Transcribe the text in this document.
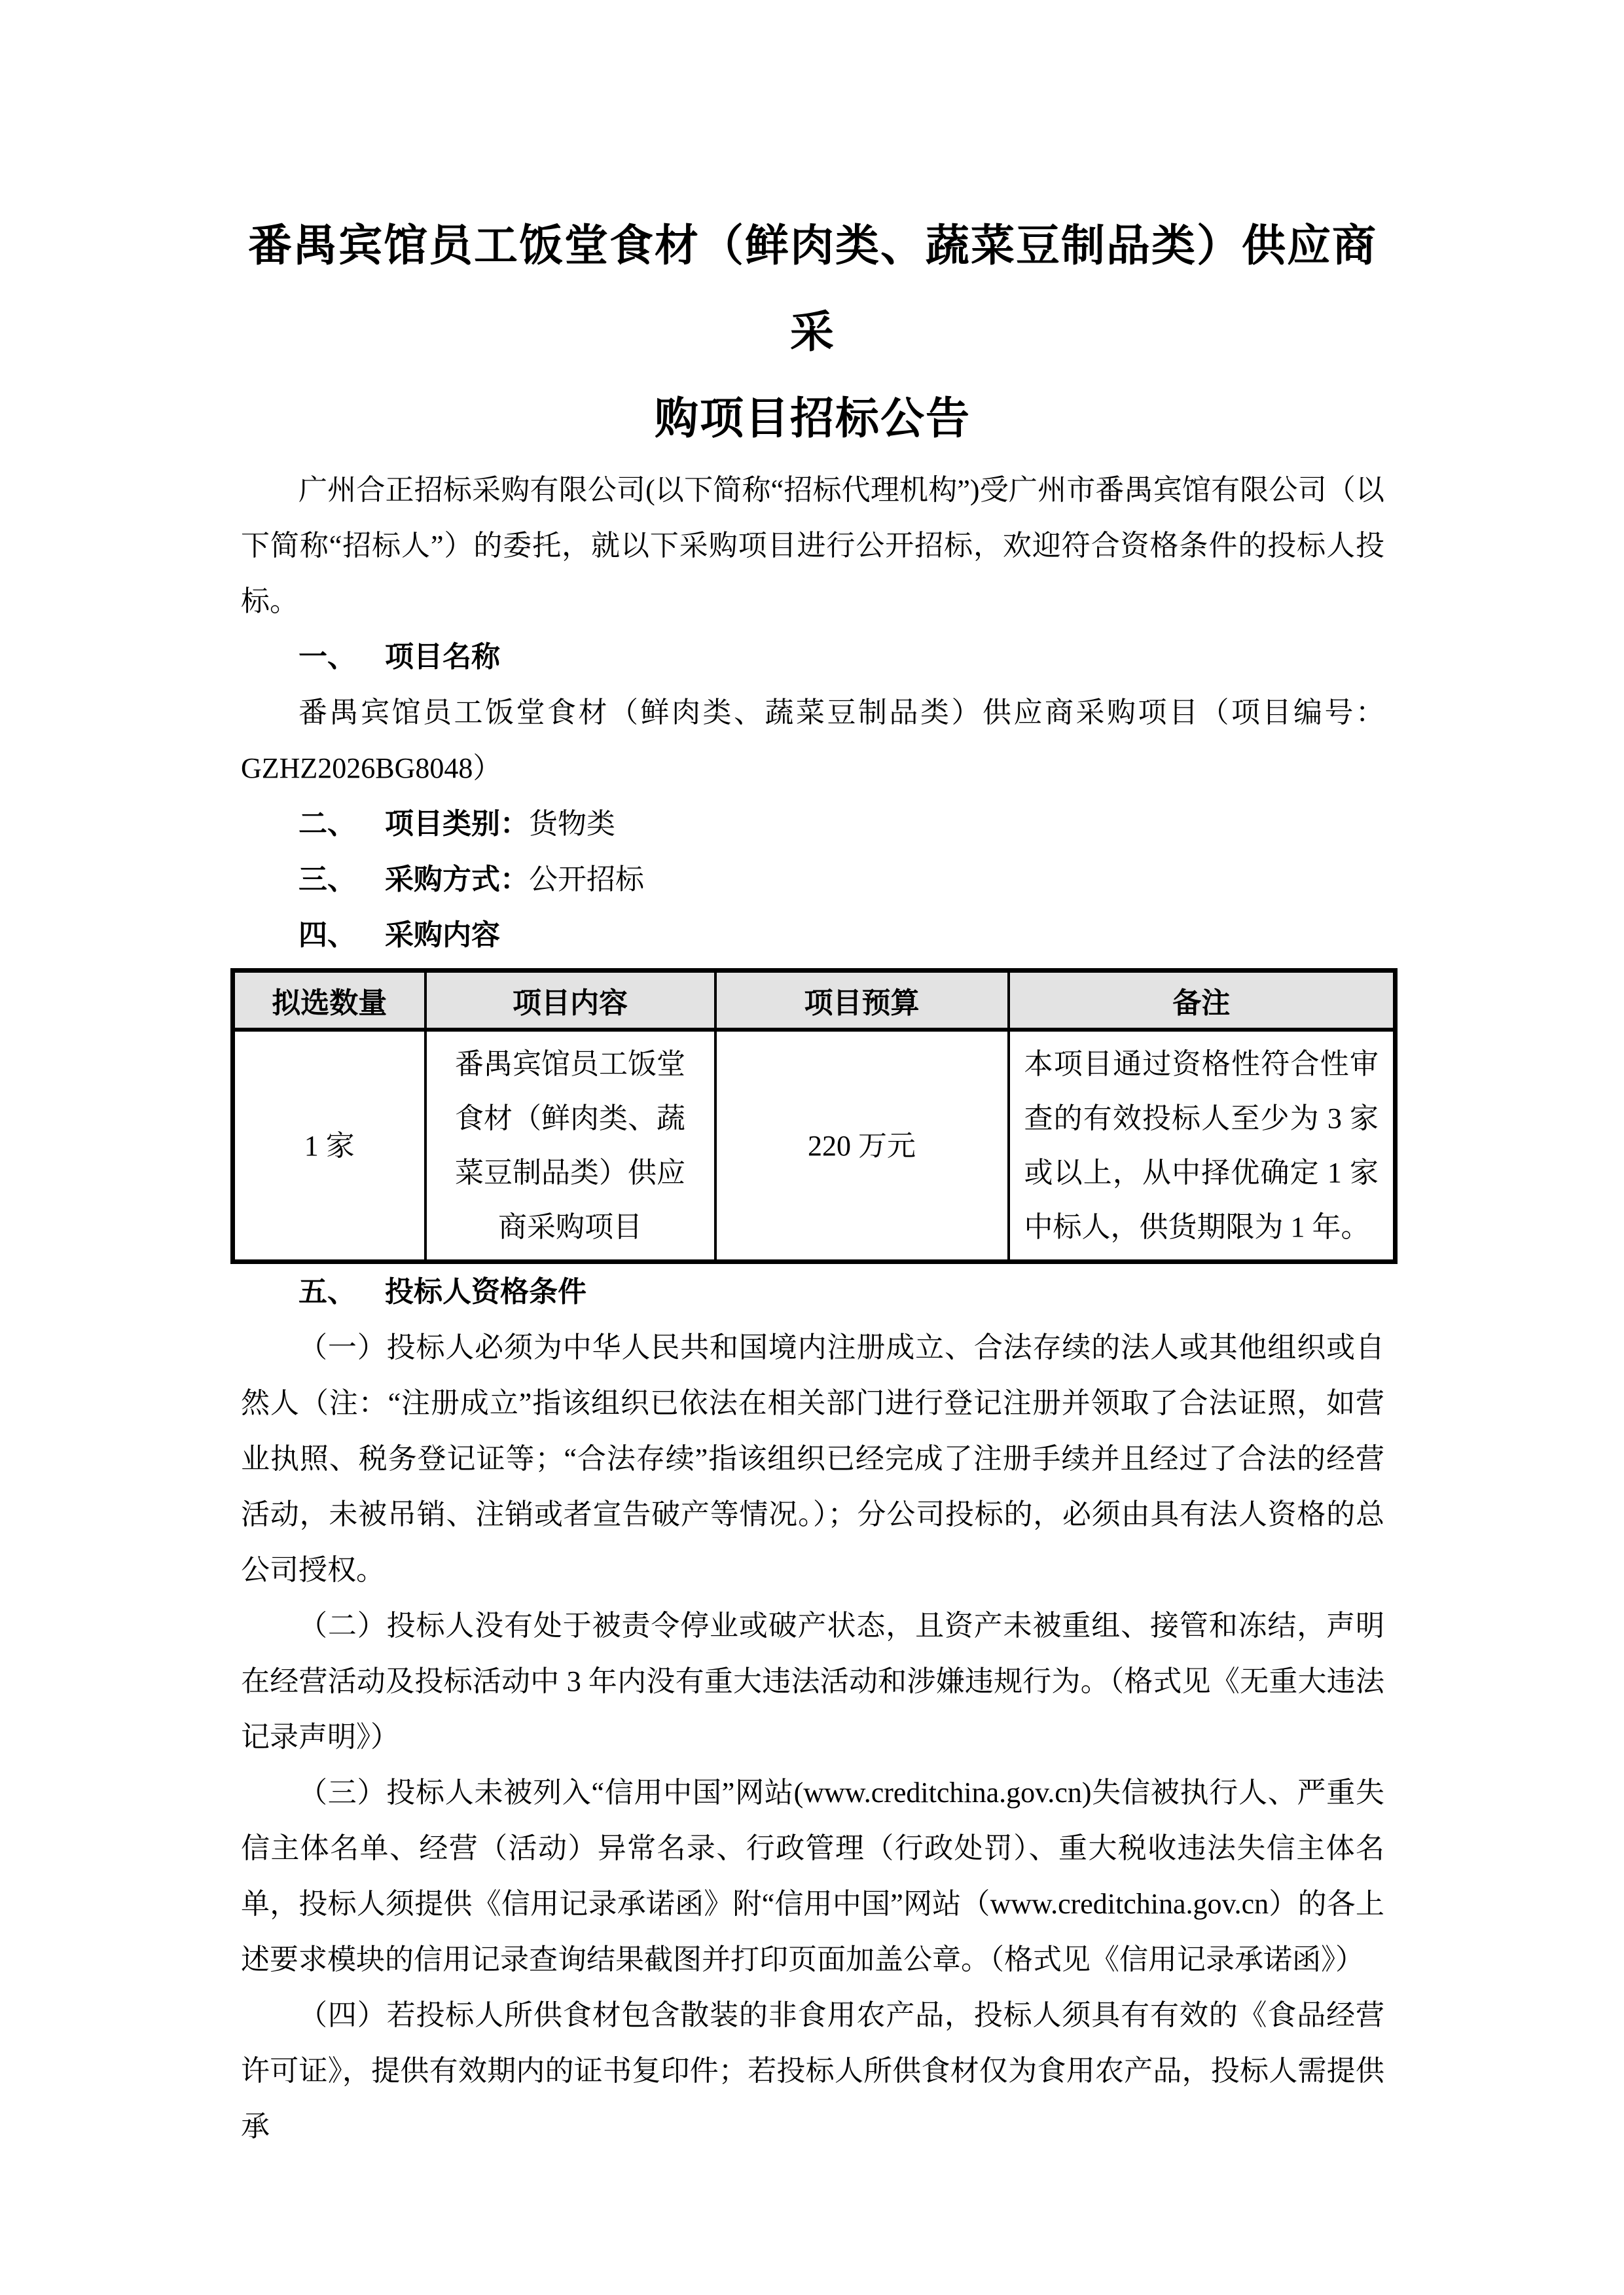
番禺宾馆员工饭堂食材（鲜肉类、蔬菜豆制品类）供应商采
购项目招标公告

广州合正招标采购有限公司(以下简称“招标代理机构”)受广州市番禺宾馆有限公司（以下简称“招标人”）的委托，就以下采购项目进行公开招标，欢迎符合资格条件的投标人投标。

一、 项目名称

番禺宾馆员工饭堂食材（鲜肉类、蔬菜豆制品类）供应商采购项目（项目编号：GZHZ2026BG8048）

二、 项目类别：货物类

三、 采购方式：公开招标

四、 采购内容

拟选数量	项目内容	项目预算	备注
1 家	番禺宾馆员工饭堂食材（鲜肉类、蔬菜豆制品类）供应商采购项目	220 万元	本项目通过资格性符合性审查的有效投标人至少为 3 家或以上，从中择优确定 1 家中标人，供货期限为 1 年。

五、 投标人资格条件

（一）投标人必须为中华人民共和国境内注册成立、合法存续的法人或其他组织或自然人（注：“注册成立”指该组织已依法在相关部门进行登记注册并领取了合法证照，如营业执照、税务登记证等；“合法存续”指该组织已经完成了注册手续并且经过了合法的经营活动，未被吊销、注销或者宣告破产等情况。）；分公司投标的，必须由具有法人资格的总公司授权。

（二）投标人没有处于被责令停业或破产状态，且资产未被重组、接管和冻结，声明在经营活动及投标活动中 3 年内没有重大违法活动和涉嫌违规行为。（格式见《无重大违法记录声明》）

（三）投标人未被列入“信用中国”网站(www.creditchina.gov.cn)失信被执行人、严重失信主体名单、经营（活动）异常名录、行政管理（行政处罚）、重大税收违法失信主体名单，投标人须提供《信用记录承诺函》附“信用中国”网站（www.creditchina.gov.cn）的各上述要求模块的信用记录查询结果截图并打印页面加盖公章。（格式见《信用记录承诺函》）

（四）若投标人所供食材包含散装的非食用农产品，投标人须具有有效的《食品经营许可证》，提供有效期内的证书复印件；若投标人所供食材仅为食用农产品，投标人需提供承
